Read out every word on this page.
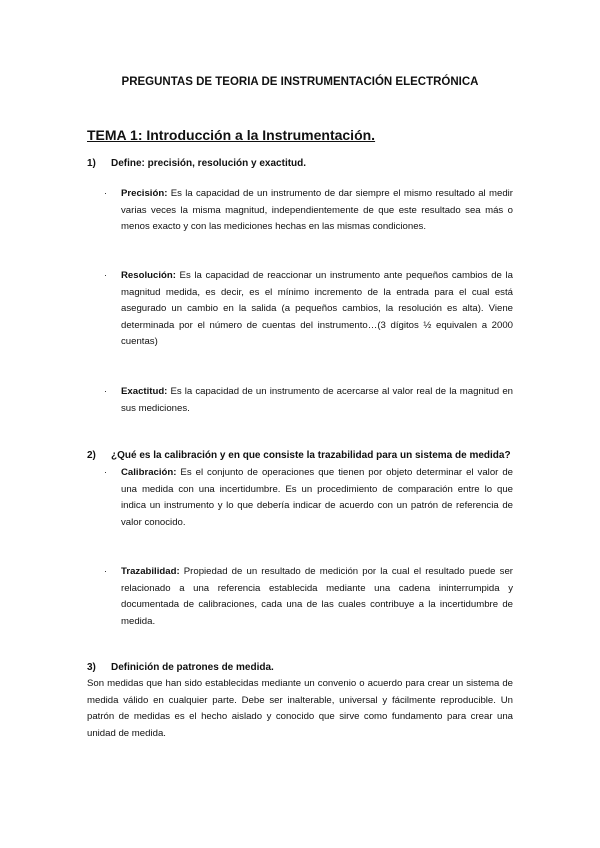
PREGUNTAS DE TEORIA DE INSTRUMENTACIÓN ELECTRÓNICA
TEMA 1: Introducción a la Instrumentación.
1) Define: precisión, resolución y exactitud.
· Precisión: Es la capacidad de un instrumento de dar siempre el mismo resultado al medir varias veces la misma magnitud, independientemente de que este resultado sea más o menos exacto y con las mediciones hechas en las mismas condiciones.
· Resolución: Es la capacidad de reaccionar un instrumento ante pequeños cambios de la magnitud medida, es decir, es el mínimo incremento de la entrada para el cual está asegurado un cambio en la salida (a pequeños cambios, la resolución es alta). Viene determinada por el número de cuentas del instrumento…(3 dígitos ½ equivalen a 2000 cuentas)
· Exactitud: Es la capacidad de un instrumento de acercarse al valor real de la magnitud en sus mediciones.
2) ¿Qué es la calibración y en que consiste la trazabilidad para un sistema de medida?
· Calibración: Es el conjunto de operaciones que tienen por objeto determinar el valor de una medida con una incertidumbre. Es un procedimiento de comparación entre lo que indica un instrumento y lo que debería indicar de acuerdo con un patrón de referencia de valor conocido.
· Trazabilidad: Propiedad de un resultado de medición por la cual el resultado puede ser relacionado a una referencia establecida mediante una cadena ininterrumpida y documentada de calibraciones, cada una de las cuales contribuye a la incertidumbre de medida.
3) Definición de patrones de medida.
Son medidas que han sido establecidas mediante un convenio o acuerdo para crear un sistema de medida válido en cualquier parte. Debe ser inalterable, universal y fácilmente reproducible. Un patrón de medidas es el hecho aislado y conocido que sirve como fundamento para crear una unidad de medida.
